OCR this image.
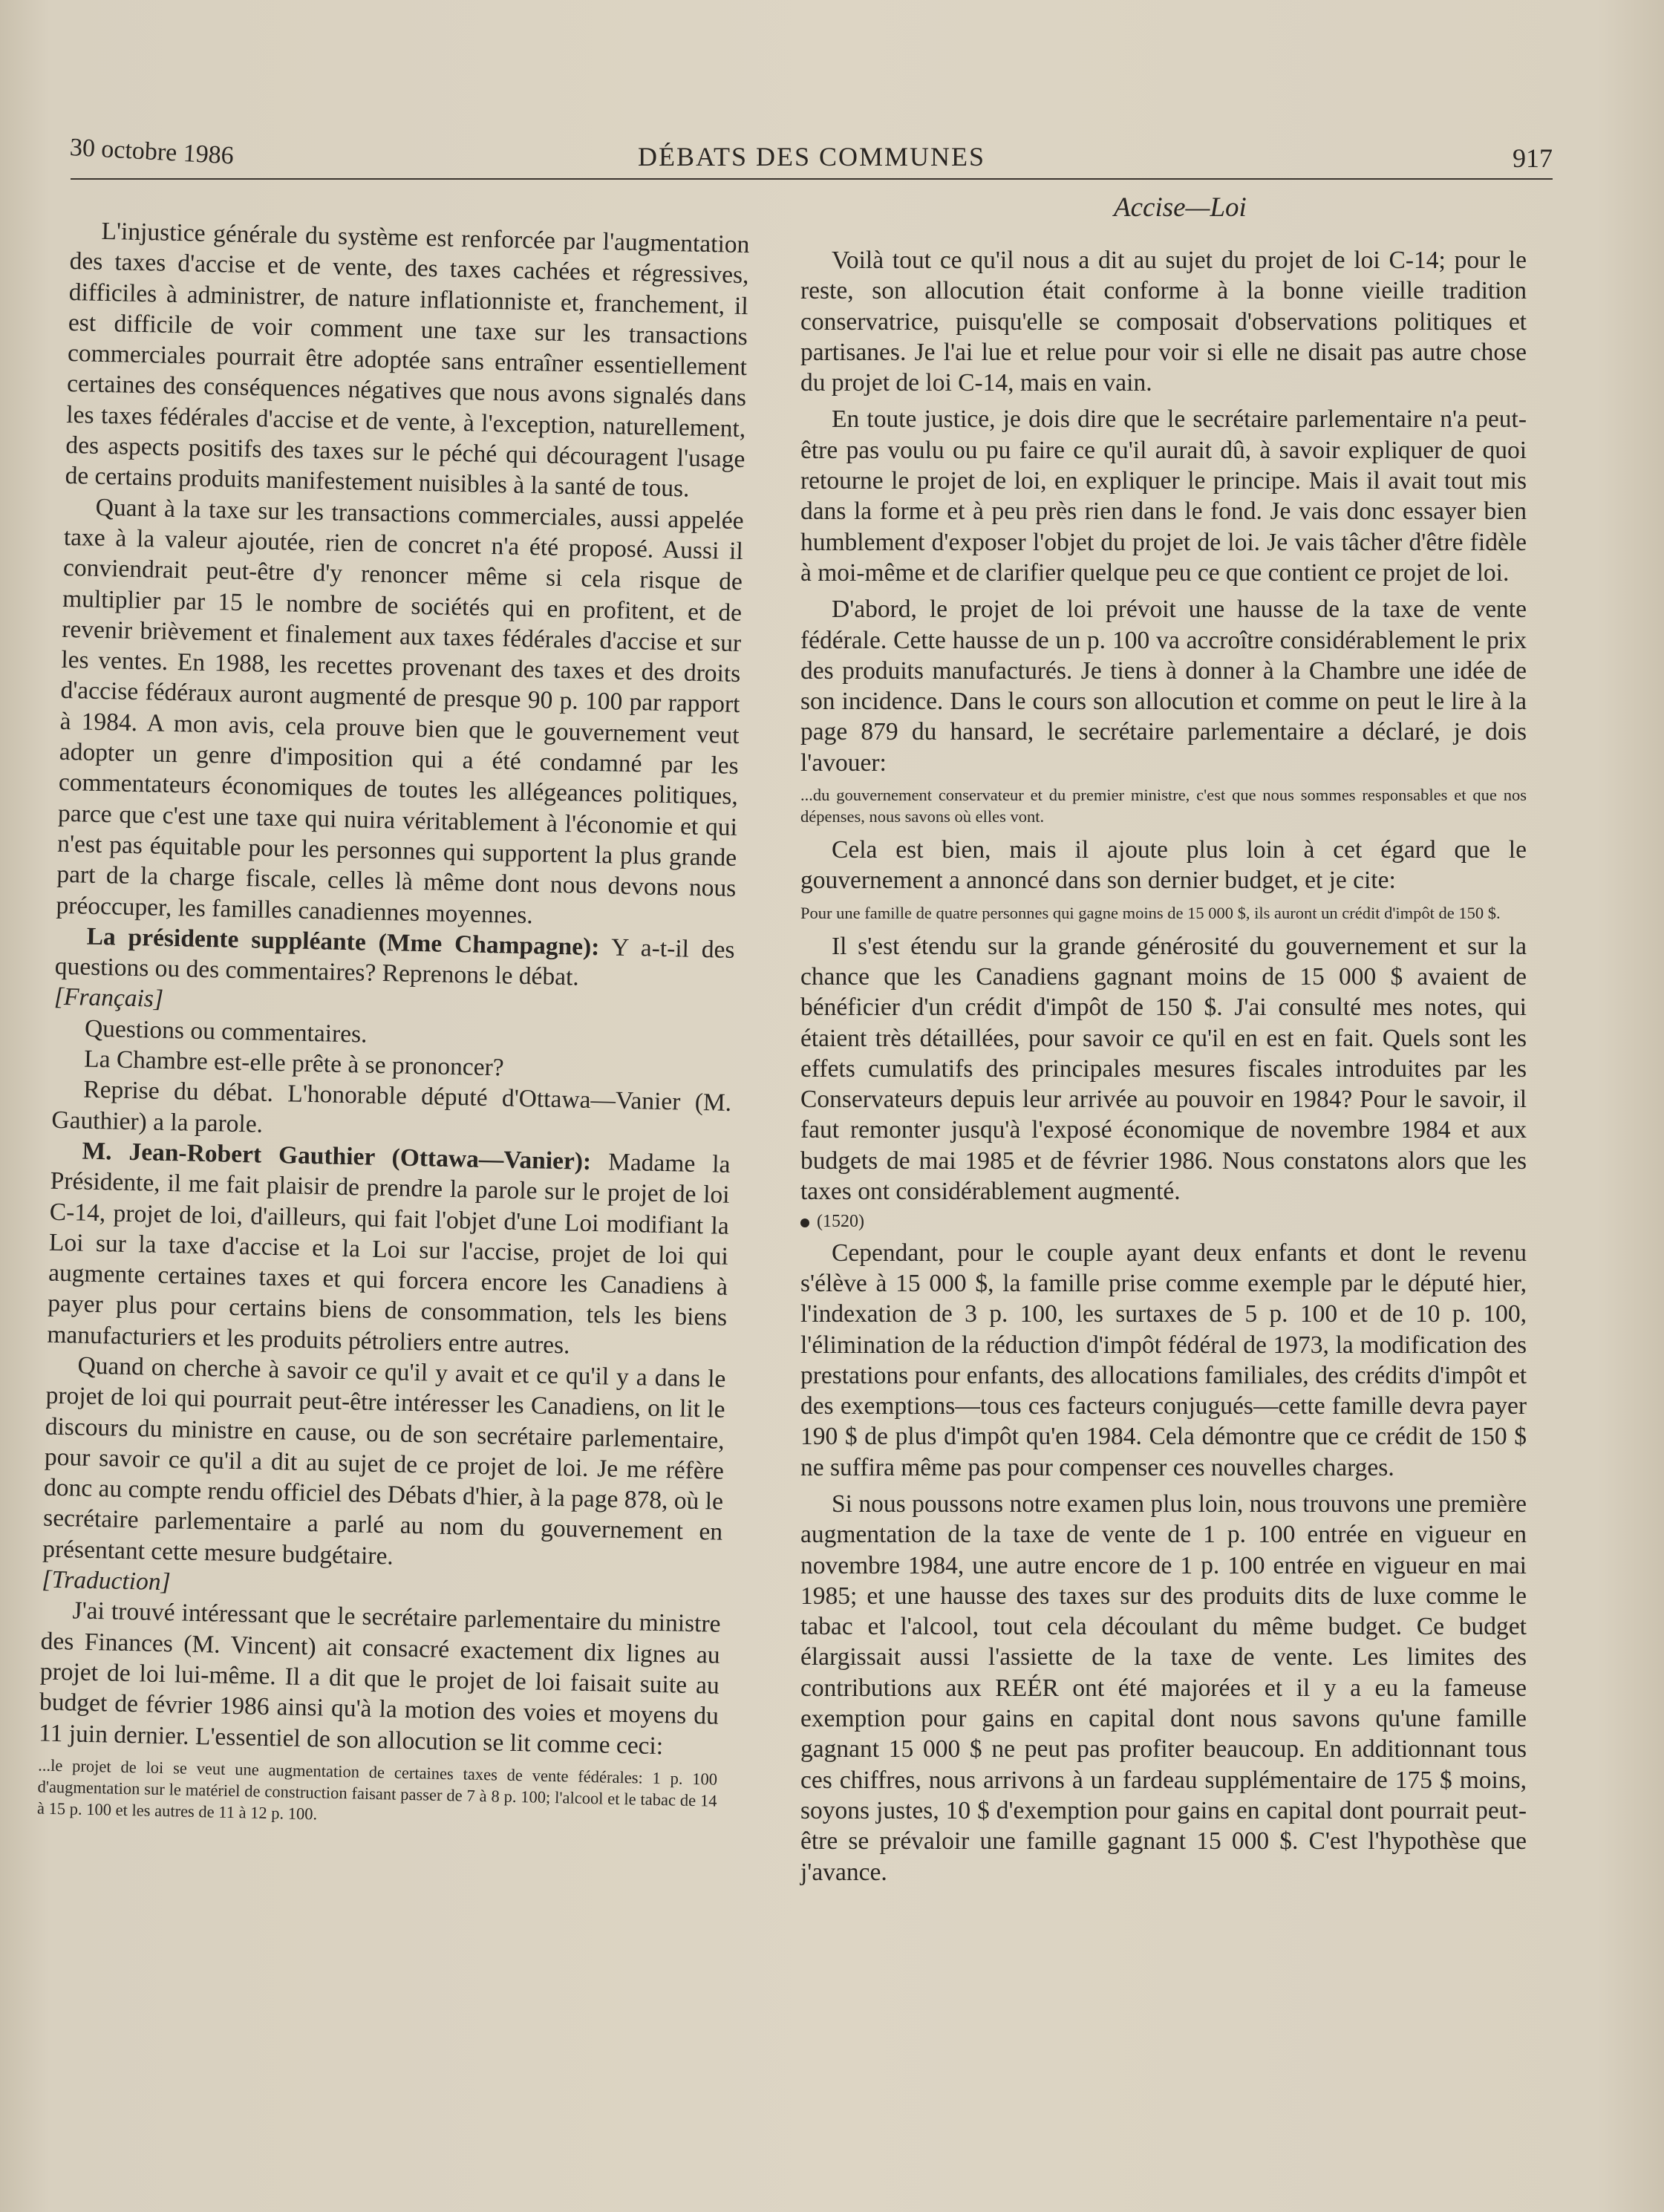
30 octobre 1986	DÉBATS DES COMMUNES	917
Accise—Loi

L'injustice générale du système est renforcée par l'augmentation des taxes d'accise et de vente, des taxes cachées et régressives, difficiles à administrer, de nature inflationniste et, franchement, il est difficile de voir comment une taxe sur les transactions commerciales pourrait être adoptée sans entraîner essentiellement certaines des conséquences négatives que nous avons signalés dans les taxes fédérales d'accise et de vente, à l'exception, naturellement, des aspects positifs des taxes sur le péché qui découragent l'usage de certains produits manifestement nuisibles à la santé de tous.

Quant à la taxe sur les transactions commerciales, aussi appelée taxe à la valeur ajoutée, rien de concret n'a été proposé. Aussi il conviendrait peut-être d'y renoncer même si cela risque de multiplier par 15 le nombre de sociétés qui en profitent, et de revenir brièvement et finalement aux taxes fédérales d'accise et sur les ventes. En 1988, les recettes provenant des taxes et des droits d'accise fédéraux auront augmenté de presque 90 p. 100 par rapport à 1984. A mon avis, cela prouve bien que le gouvernement veut adopter un genre d'imposition qui a été condamné par les commentateurs économiques de toutes les allégeances politiques, parce que c'est une taxe qui nuira véritablement à l'économie et qui n'est pas équitable pour les personnes qui supportent la plus grande part de la charge fiscale, celles là même dont nous devons nous préoccuper, les familles canadiennes moyennes.

La présidente suppléante (Mme Champagne): Y a-t-il des questions ou des commentaires? Reprenons le débat.

[Français]

Questions ou commentaires.

La Chambre est-elle prête à se prononcer?

Reprise du débat. L'honorable député d'Ottawa—Vanier (M. Gauthier) a la parole.

M. Jean-Robert Gauthier (Ottawa—Vanier): Madame la Présidente, il me fait plaisir de prendre la parole sur le projet de loi C-14, projet de loi, d'ailleurs, qui fait l'objet d'une Loi modifiant la Loi sur la taxe d'accise et la Loi sur l'accise, projet de loi qui augmente certaines taxes et qui forcera encore les Canadiens à payer plus pour certains biens de consommation, tels les biens manufacturiers et les produits pétroliers entre autres.

Quand on cherche à savoir ce qu'il y avait et ce qu'il y a dans le projet de loi qui pourrait peut-être intéresser les Canadiens, on lit le discours du ministre en cause, ou de son secrétaire parlementaire, pour savoir ce qu'il a dit au sujet de ce projet de loi. Je me réfère donc au compte rendu officiel des Débats d'hier, à la page 878, où le secrétaire parlementaire a parlé au nom du gouvernement en présentant cette mesure budgétaire.

[Traduction]

J'ai trouvé intéressant que le secrétaire parlementaire du ministre des Finances (M. Vincent) ait consacré exactement dix lignes au projet de loi lui-même. Il a dit que le projet de loi faisait suite au budget de février 1986 ainsi qu'à la motion des voies et moyens du 11 juin dernier. L'essentiel de son allocution se lit comme ceci:

...le projet de loi se veut une augmentation de certaines taxes de vente fédérales: 1 p. 100 d'augmentation sur le matériel de construction faisant passer de 7 à 8 p. 100; l'alcool et le tabac de 14 à 15 p. 100 et les autres de 11 à 12 p. 100.

Voilà tout ce qu'il nous a dit au sujet du projet de loi C-14; pour le reste, son allocution était conforme à la bonne vieille tradition conservatrice, puisqu'elle se composait d'observations politiques et partisanes. Je l'ai lue et relue pour voir si elle ne disait pas autre chose du projet de loi C-14, mais en vain.

En toute justice, je dois dire que le secrétaire parlementaire n'a peut-être pas voulu ou pu faire ce qu'il aurait dû, à savoir expliquer de quoi retourne le projet de loi, en expliquer le principe. Mais il avait tout mis dans la forme et à peu près rien dans le fond. Je vais donc essayer bien humblement d'exposer l'objet du projet de loi. Je vais tâcher d'être fidèle à moi-même et de clarifier quelque peu ce que contient ce projet de loi.

D'abord, le projet de loi prévoit une hausse de la taxe de vente fédérale. Cette hausse de un p. 100 va accroître considérablement le prix des produits manufacturés. Je tiens à donner à la Chambre une idée de son incidence. Dans le cours son allocution et comme on peut le lire à la page 879 du hansard, le secrétaire parlementaire a déclaré, je dois l'avouer:

...du gouvernement conservateur et du premier ministre, c'est que nous sommes responsables et que nos dépenses, nous savons où elles vont.

Cela est bien, mais il ajoute plus loin à cet égard que le gouvernement a annoncé dans son dernier budget, et je cite:

Pour une famille de quatre personnes qui gagne moins de 15 000 $, ils auront un crédit d'impôt de 150 $.

Il s'est étendu sur la grande générosité du gouvernement et sur la chance que les Canadiens gagnant moins de 15 000 $ avaient de bénéficier d'un crédit d'impôt de 150 $. J'ai consulté mes notes, qui étaient très détaillées, pour savoir ce qu'il en est en fait. Quels sont les effets cumulatifs des principales mesures fiscales introduites par les Conservateurs depuis leur arrivée au pouvoir en 1984? Pour le savoir, il faut remonter jusqu'à l'exposé économique de novembre 1984 et aux budgets de mai 1985 et de février 1986. Nous constatons alors que les taxes ont considérablement augmenté.

(1520)

Cependant, pour le couple ayant deux enfants et dont le revenu s'élève à 15 000 $, la famille prise comme exemple par le député hier, l'indexation de 3 p. 100, les surtaxes de 5 p. 100 et de 10 p. 100, l'élimination de la réduction d'impôt fédéral de 1973, la modification des prestations pour enfants, des allocations familiales, des crédits d'impôt et des exemptions—tous ces facteurs conjugués—cette famille devra payer 190 $ de plus d'impôt qu'en 1984. Cela démontre que ce crédit de 150 $ ne suffira même pas pour compenser ces nouvelles charges.

Si nous poussons notre examen plus loin, nous trouvons une première augmentation de la taxe de vente de 1 p. 100 entrée en vigueur en novembre 1984, une autre encore de 1 p. 100 entrée en vigueur en mai 1985; et une hausse des taxes sur des produits dits de luxe comme le tabac et l'alcool, tout cela découlant du même budget. Ce budget élargissait aussi l'assiette de la taxe de vente. Les limites des contributions aux REÉR ont été majorées et il y a eu la fameuse exemption pour gains en capital dont nous savons qu'une famille gagnant 15 000 $ ne peut pas profiter beaucoup. En additionnant tous ces chiffres, nous arrivons à un fardeau supplémentaire de 175 $ moins, soyons justes, 10 $ d'exemption pour gains en capital dont pourrait peut-être se prévaloir une famille gagnant 15 000 $. C'est l'hypothèse que j'avance.
